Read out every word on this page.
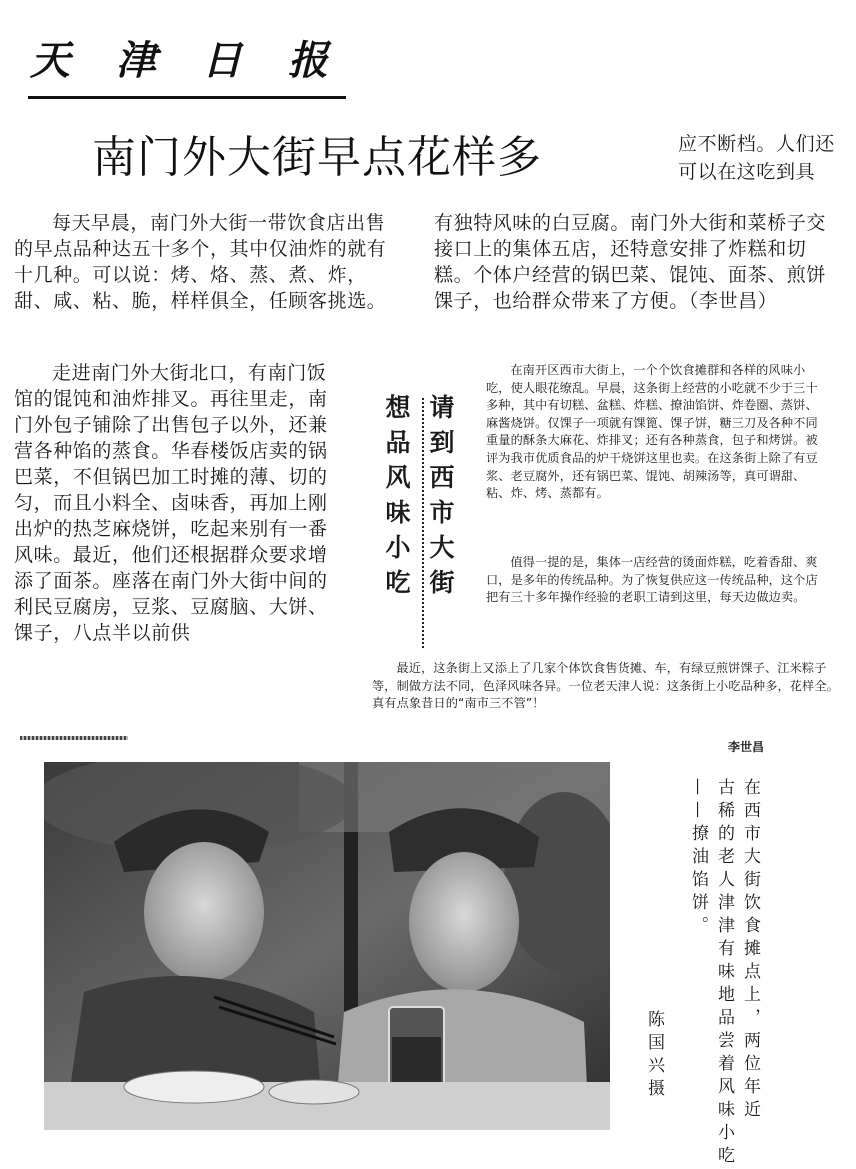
天津日报
南门外大街早点花样多	应不断档。人们还可以在这吃到具

每天早晨，南门外大街一带饮食店出售的早点品种达五十多个，其中仅油炸的就有十几种。可以说：烤、烙、蒸、煮、炸，甜、咸、粘、脆，样样俱全，任顾客挑选。

有独特风味的白豆腐。南门外大街和菜桥子交接口上的集体五店，还特意安排了炸糕和切糕。个体户经营的锅巴菜、馄饨、面茶、煎饼馃子，也给群众带来了方便。（李世昌）

走进南门外大街北口，有南门饭馆的馄饨和油炸排叉。再往里走，南门外包子铺除了出售包子以外，还兼营各种馅的蒸食。华春楼饭店卖的锅巴菜，不但锅巴加工时摊的薄、切的匀，而且小料全、卤味香，再加上刚出炉的热芝麻烧饼，吃起来别有一番风味。最近，他们还根据群众要求增添了面茶。座落在南门外大街中间的利民豆腐房，豆浆、豆腐脑、大饼、馃子，八点半以前供

请到西市大街
想品风味小吃

在南开区西市大街上，一个个饮食摊群和各样的风味小吃，使人眼花缭乱。早晨，这条街上经营的小吃就不少于三十多种，其中有切糕、盆糕、炸糕、撩油馅饼、炸卷圈、蒸饼、麻酱烧饼。仅馃子一项就有馃篦、馃子饼，糖三刀及各种不同重量的酥条大麻花、炸排叉；还有各种蒸食，包子和烤饼。被评为我市优质食品的炉干烧饼这里也卖。在这条街上除了有豆浆、老豆腐外，还有锅巴菜、馄饨、胡辣汤等，真可谓甜、粘、炸、烤、蒸都有。

值得一提的是，集体一店经营的烫面炸糕，吃着香甜、爽口，是多年的传统品种。为了恢复供应这一传统品种，这个店把有三十多年操作经验的老职工请到这里，每天边做边卖。

最近，这条街上又添上了几家个体饮食售货摊、车，有绿豆煎饼馃子、江米粽子等，制做方法不同，色泽风味各异。一位老天津人说：这条街上小吃品种多，花样全。真有点象昔日的“南市三不管”！

李世昌
在西市大街饮食摊点上，两位年近
古稀的老人津津有味地品尝着风味小吃
——撩油馅饼。
陈国兴摄
